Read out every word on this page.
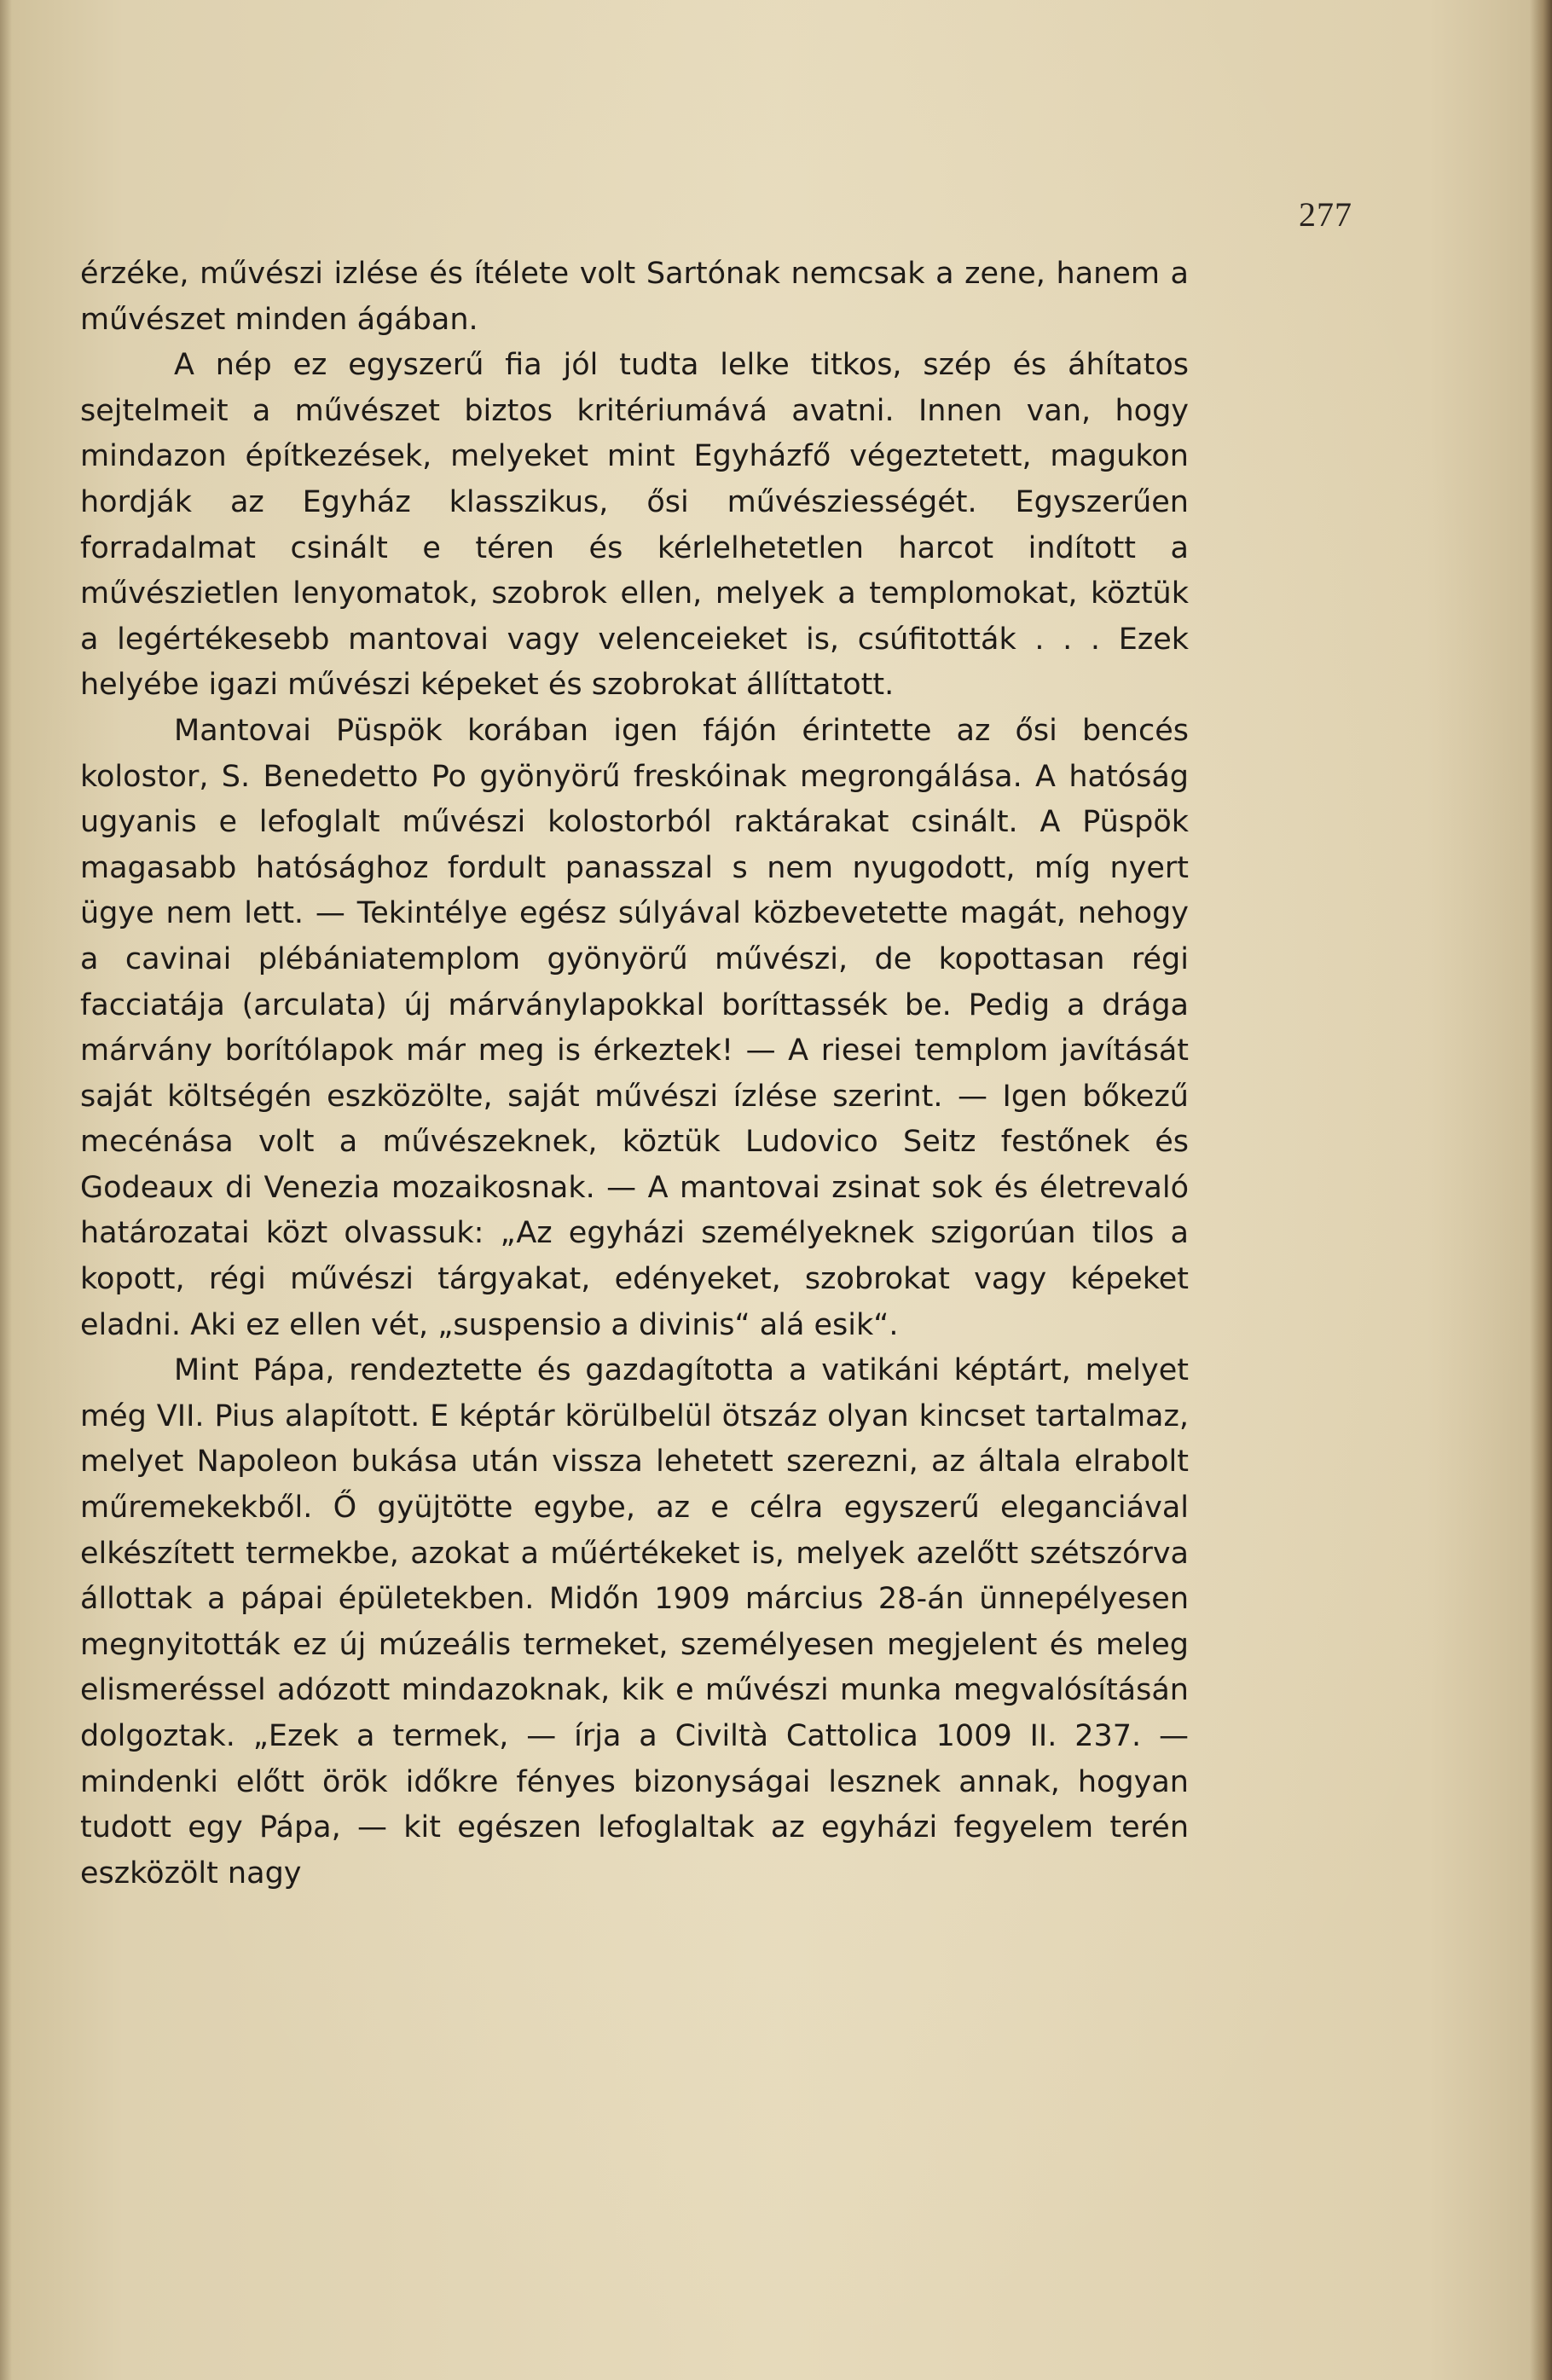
277

érzéke, művészi izlése és ítélete volt Sartónak nemcsak a zene, hanem a művészet minden ágában.

A nép ez egyszerű fia jól tudta lelke titkos, szép és áhítatos sejtelmeit a művészet biztos kritériumává avatni. Innen van, hogy mindazon építkezések, melyeket mint Egyházfő végeztetett, magukon hordják az Egyház klasszikus, ősi művésziességét. Egyszerűen forradalmat csinált e téren és kérlelhetetlen harcot indított a művészietlen lenyomatok, szobrok ellen, melyek a templomokat, köztük a legértékesebb mantovai vagy velenceieket is, csúfitották . . . Ezek helyébe igazi művészi képeket és szobrokat állíttatott.

Mantovai Püspök korában igen fájón érintette az ősi bencés kolostor, S. Benedetto Po gyönyörű freskóinak megrongálása. A hatóság ugyanis e lefoglalt művészi kolostorból raktárakat csinált. A Püspök magasabb hatósághoz fordult panasszal s nem nyugodott, míg nyert ügye nem lett. — Tekintélye egész súlyával közbevetette magát, nehogy a cavinai plébániatemplom gyönyörű művészi, de kopottasan régi facciatája (arculata) új márványlapokkal boríttassék be. Pedig a drága márvány borítólapok már meg is érkeztek! — A riesei templom javítását saját költségén eszközölte, saját művészi ízlése szerint. — Igen bőkezű mecénása volt a művészeknek, köztük Ludovico Seitz festőnek és Godeaux di Venezia mozaikosnak. — A mantovai zsinat sok és életrevaló határozatai közt olvassuk: „Az egyházi személyeknek szigorúan tilos a kopott, régi művészi tárgyakat, edényeket, szobrokat vagy képeket eladni. Aki ez ellen vét, „suspensio a divinis“ alá esik“.

Mint Pápa, rendeztette és gazdagította a vatikáni képtárt, melyet még VII. Pius alapított. E képtár körülbelül ötszáz olyan kincset tartalmaz, melyet Napoleon bukása után vissza lehetett szerezni, az általa elrabolt műremekekből. Ő gyüjtötte egybe, az e célra egyszerű eleganciával elkészített termekbe, azokat a műértékeket is, melyek azelőtt szétszórva állottak a pápai épületekben. Midőn 1909 március 28-án ünnepélyesen megnyitották ez új múzeális termeket, személyesen megjelent és meleg elismeréssel adózott mindazoknak, kik e művészi munka megvalósításán dolgoztak. „Ezek a termek, — írja a Civiltà Cattolica 1009 II. 237. — mindenki előtt örök időkre fényes bizonyságai lesznek annak, hogyan tudott egy Pápa, — kit egészen lefoglaltak az egyházi fegyelem terén eszközölt nagy
